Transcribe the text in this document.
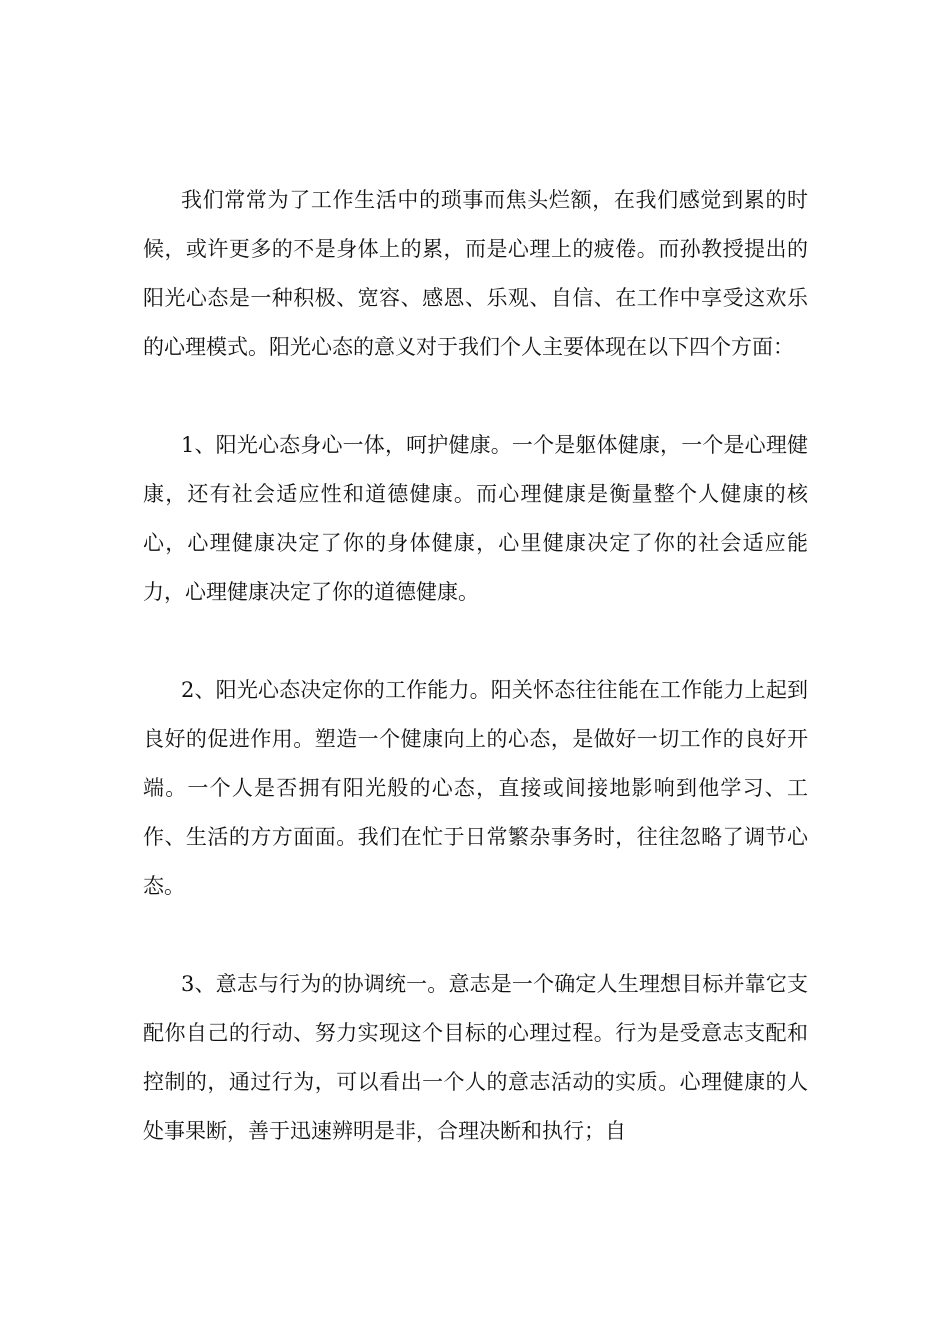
我们常常为了工作生活中的琐事而焦头烂额，在我们感觉到累的时候，或许更多的不是身体上的累，而是心理上的疲倦。而孙教授提出的阳光心态是一种积极、宽容、感恩、乐观、自信、在工作中享受这欢乐的心理模式。阳光心态的意义对于我们个人主要体现在以下四个方面：

1、阳光心态身心一体，呵护健康。一个是躯体健康，一个是心理健康，还有社会适应性和道德健康。而心理健康是衡量整个人健康的核心，心理健康决定了你的身体健康，心里健康决定了你的社会适应能力，心理健康决定了你的道德健康。

2、阳光心态决定你的工作能力。阳关怀态往往能在工作能力上起到良好的促进作用。塑造一个健康向上的心态，是做好一切工作的良好开端。一个人是否拥有阳光般的心态，直接或间接地影响到他学习、工作、生活的方方面面。我们在忙于日常繁杂事务时，往往忽略了调节心态。

3、意志与行为的协调统一。意志是一个确定人生理想目标并靠它支配你自己的行动、努力实现这个目标的心理过程。行为是受意志支配和控制的，通过行为，可以看出一个人的意志活动的实质。心理健康的人处事果断，善于迅速辨明是非，合理决断和执行；自
